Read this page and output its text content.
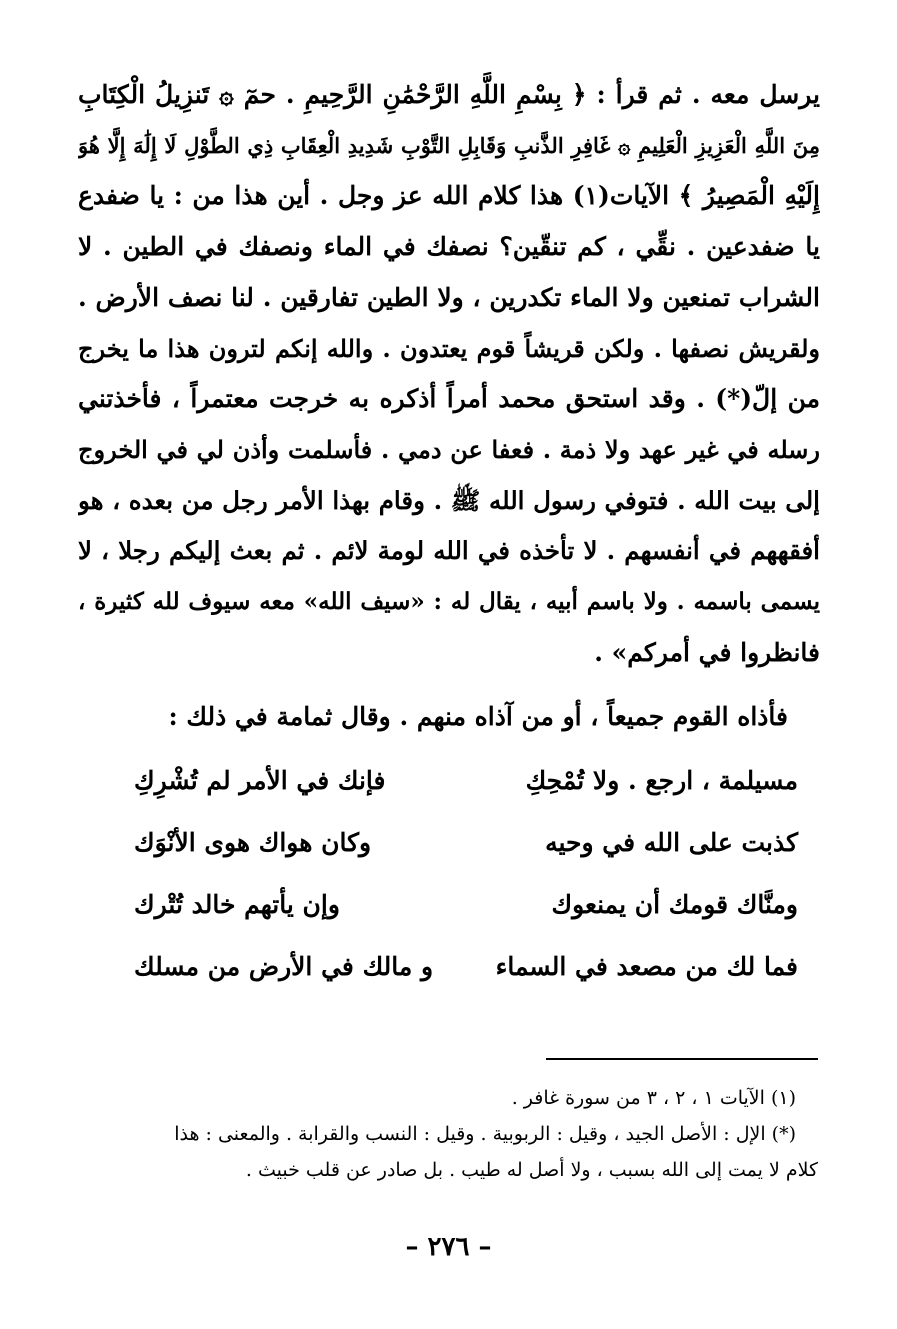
يرسل معه . ثم قرأ : ﴿ بِسْمِ اللَّهِ الرَّحْمَٰنِ الرَّحِيمِ . حمٓ ۞ تَنزِيلُ الْكِتَابِ
مِنَ اللَّهِ الْعَزِيزِ الْعَلِيمِ ۞ غَافِرِ الذَّنبِ وَقَابِلِ التَّوْبِ شَدِيدِ الْعِقَابِ ذِي الطَّوْلِ لَا إِلَٰهَ إِلَّا هُوَ
إِلَيْهِ الْمَصِيرُ ﴾ الآيات(١) هذا كلام الله عز وجل . أين هذا من : يا ضفدع
يا ضفدعين . نقِّي ، كم تنقّين؟ نصفك في الماء ونصفك في الطين . لا
الشراب تمنعين ولا الماء تكدرين ، ولا الطين تفارقين . لنا نصف الأرض .
ولقريش نصفها . ولكن قريشاً قوم يعتدون . والله إنكم لترون هذا ما يخرج
من إلّ(*) . وقد استحق محمد أمراً أذكره به خرجت معتمراً ، فأخذتني
رسله في غير عهد ولا ذمة . فعفا عن دمي . فأسلمت وأذن لي في الخروج
إلى بيت الله . فتوفي رسول الله ﷺ . وقام بهذا الأمر رجل من بعده ، هو
أفقههم في أنفسهم . لا تأخذه في الله لومة لائم . ثم بعث إليكم رجلا ، لا
يسمى باسمه . ولا باسم أبيه ، يقال له : «سيف الله» معه سيوف لله كثيرة ،
فانظروا في أمركم» .
فأذاه القوم جميعاً ، أو من آذاه منهم . وقال ثمامة في ذلك :
مسيلمة ، ارجع . ولا تُمْحِكِ
فإنك في الأمر لم تُشْرِكِ
كذبت على الله في وحيه
وكان هواك هوى الأنْوَك
ومنَّاك قومك أن يمنعوك
وإن يأتهم خالد تُتْرك
فما لك من مصعد في السماء
و مالك في الأرض من مسلك
(١) الآيات ١ ، ٢ ، ٣ من سورة غافر .
(*) الإل : الأصل الجيد ، وقيل : الربوبية . وقيل : النسب والقرابة . والمعنى : هذا
كلام لا يمت إلى الله بسبب ، ولا أصل له طيب . بل صادر عن قلب خبيث .
– ٢٧٦ –
